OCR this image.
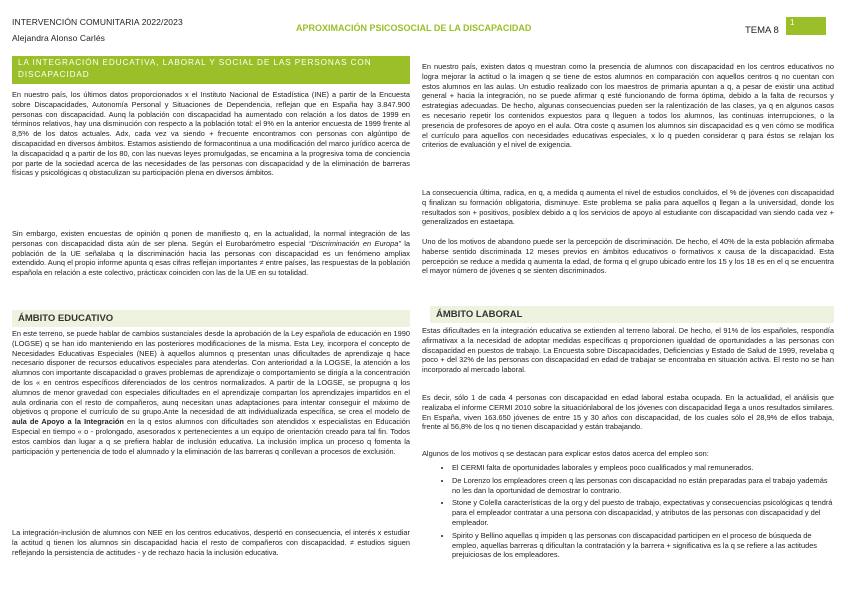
INTERVENCIÓN COMUNITARIA 2022/2023
Alejandra Alonso Carlés
APROXIMACIÓN PSICOSOCIAL DE LA DISCAPACIDAD	TEMA 8
1
LA INTEGRACIÓN EDUCATIVA, LABORAL Y SOCIAL DE LAS PERSONAS CON DISCAPACIDAD

En nuestro país, los últimos datos proporcionados x el Instituto Nacional de Estadística (INE) a partir de la Encuesta sobre Discapacidades, Autonomía Personal y Situaciones de Dependencia, reflejan que en España hay 3.847.900 personas con discapacidad. Aunq la población con discapacidad ha aumentado con relación a los datos de 1999 en términos relativos, hay una disminución con respecto a la población total: el 9% en la anterior encuesta de 1999 frente al 8,5% de los datos actuales. Adx, cada vez va siendo + frecuente encontramos con personas con algúntipo de discapacidad en diversos ámbitos. Estamos asistiendo de formacontinua a una modificación del marco jurídico acerca de la discapacidad q a partir de los 80, con las nuevas leyes promulgadas, se encamina a la progresiva toma de conciencia por parte de la sociedad acerca de las necesidades de las personas con discapacidad y de la eliminación de barreras físicas y psicológicas q obstaculizan su participación plena en diversos ámbitos.

Sin embargo, existen encuestas de opinión q ponen de manifiesto q, en la actualidad, la normal integración de las personas con discapacidad dista aún de ser plena. Según el Eurobarómetro especial “Discriminación en Europa” la población de la UE señalaba q la discriminación hacia las personas con discapacidad es un fenómeno ampliax extendido. Aunq el propio informe apunta q esas cifras reflejan importantes ≠ entre países, las respuestas de la población española en relación a este colectivo, prácticax coinciden con las de la UE en su totalidad.

ÁMBITO EDUCATIVO

En este terreno, se puede hablar de cambios sustanciales desde la aprobación de la Ley española de educación en 1990 (LOGSE) q se han ido manteniendo en las posteriores modificaciones de la misma. Esta Ley, incorpora el concepto de Necesidades Educativas Especiales (NEE) à aquellos alumnos q presentan unas dificultades de aprendizaje q hace necesario disponer de recursos educativos especiales para atenderlas. Con anterioridad a la LOGSE, la atención a los alumnos con importante discapacidad o graves problemas de aprendizaje o comportamiento se dirigía a la concentración de los « en centros específicos diferenciados de los centros normalizados. A partir de la LOGSE, se propugna q los alumnos de menor gravedad con especiales dificultades en el aprendizaje compartan los aprendizajes impartidos en el aula ordinaria con el resto de compañeros, aunq necesitan unas adaptaciones para intentar conseguir el máximo de objetivos q propone el currículo de su grupo.Ante la necesidad de att individualizada específica, se crea el modelo de aula de Apoyo a la Integración en la q estos alumnos con dificultades son atendidos x especialistas en Educación Especial en tiempo « o - prolongado, asesorados x pertenecientes a un equipo de orientación creado para tal fin. Todos estos cambios dan lugar a q se prefiera hablar de inclusión educativa. La inclusión implica un proceso q fomenta la participación y pertenencia de todo el alumnado y la eliminación de las barreras q conllevan a procesos de exclusión.

La integración-inclusión de alumnos con NEE en los centros educativos, despertó en consecuencia, el interés x estudiar la actitud q tienen los alumnos sin discapacidad hacia el resto de compañeros con discapacidad. ≠ estudios siguen reflejando la persistencia de actitudes - y de rechazo hacia la inclusión educativa.

En nuestro país, existen datos q muestran como la presencia de alumnos con discapacidad en los centros educativos no logra mejorar la actitud o la imagen q se tiene de estos alumnos en comparación con aquellos centros q no cuentan con estos alumnos en las aulas. Un estudio realizado con los maestros de primaria apuntan a q, a pesar de existir una actitud general + hacia la integración, no se puede afirmar q esté funcionando de forma óptima, debido a la falta de recursos y estrategias adecuadas. De hecho, algunas consecuencias pueden ser la ralentización de las clases, ya q en algunos casos es necesario repetir los contenidos expuestos para q lleguen a todos los alumnos, las continuas interrupciones, o la presencia de profesores de apoyo en el aula. Otra coste q asumen los alumnos sin discapacidad es q ven cómo se modifica el currículo para aquellos con necesidades educativas especiales, x lo q pueden considerar q para éstos se relajan los criterios de evaluación y el nivel de exigencia.

La consecuencia última, radica, en q, a medida q aumenta el nivel de estudios concluidos, el % de jóvenes con discapacidad q finalizan su formación obligatoria, disminuye. Este problema se palia para aquellos q llegan a la universidad, donde los resultados son + positivos, posiblex debido a q los servicios de apoyo al estudiante con discapacidad van siendo cada vez + generalizados en estaetapa.

Uno de los motivos de abandono puede ser la percepción de discriminación. De hecho, el 40% de la esta población afirmaba haberse sentido discriminada 12 meses previos en ámbitos educativos o formativos x causa de la discapacidad. Esta percepción se reduce a medida q aumenta la edad, de forma q el grupo ubicado entre los 15 y los 18 es en el q se encuentra el mayor número de jóvenes q se sienten discriminados.

ÁMBITO LABORAL

Estas dificultades en la integración educativa se extienden al terreno laboral. De hecho, el 91% de los españoles, respondía afirmativax a la necesidad de adoptar medidas específicas q proporcionen igualdad de oportunidades a las personas con discapacidad en puestos de trabajo. La Encuesta sobre Discapacidades, Deficiencias y Estado de Salud de 1999, revelaba q poco + del 32% de las personas con discapacidad en edad de trabajar se encontraba en situación activa. El resto no se han incorporado al mercado laboral.

Es decir, sólo 1 de cada 4 personas con discapacidad en edad laboral estaba ocupada. En la actualidad, el análisis que realizaba el informe CERMI 2010 sobre la situaciónlaboral de los jóvenes con discapacidad llega a unos resultados similares. En España, viven 163.650 jóvenes de entre 15 y 30 años con discapacidad, de los cuales sólo el 28,9% de ellos trabaja, frente al 56,8% de los q no tienen discapacidad y están trabajando.

Algunos de los motivos q se destacan para explicar estos datos acerca del empleo son:

• El CERMI falta de oportunidades laborales y empleos poco cualificados y mal remunerados.
• De Lorenzo los empleadores creen q las personas con discapacidad no están preparadas para el trabajo yademás no les dan la oportunidad de demostrar lo contrario.
• Stone y Colella características de la org y del puesto de trabajo, expectativas y consecuencias psicológicas q tendrá para el empleador contratar a una persona con discapacidad, y atributos de las personas con discapacidad y del empleador.
• Spirito y Bellino aquellas q impiden q las personas con discapacidad participen en el proceso de búsqueda de empleo, aquellas barreras q dificultan la contratación y la barrera + significativa es la q se refiere a las actitudes prejuiciosas de los empleadores.
